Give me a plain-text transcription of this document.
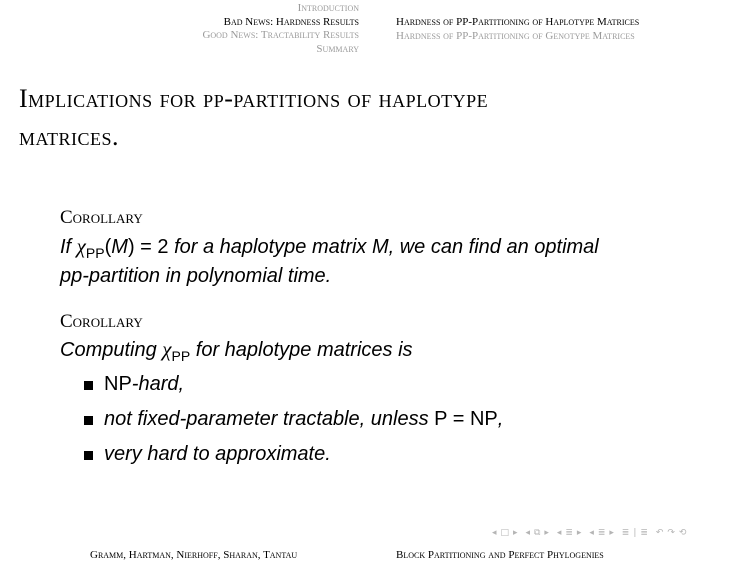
Introduction
Bad News: Hardness Results
Good News: Tractability Results
Summary
Hardness of PP-Partitioning of Haplotype Matrices
Hardness of PP-Partitioning of Genotype Matrices
Implications for pp-partitions of haplotype
matrices.
Corollary
If $\chi_{PP}(M) = 2$ for a haplotype matrix M, we can find an optimal
pp-partition in polynomial time.
Corollary
Computing $\chi_{PP}$ for haplotype matrices is
NP-hard,
not fixed-parameter tractable, unless P = NP,
very hard to approximate.
◂ □ ▸ ◂ ⧉ ▸ ◂ ≣ ▸ ◂ ≣ ▸ ≣ | ≣ ↶ ↷ ⟲
Gramm, Hartman, Nierhoff, Sharan, Tantau	Block Partitioning and Perfect Phylogenies
